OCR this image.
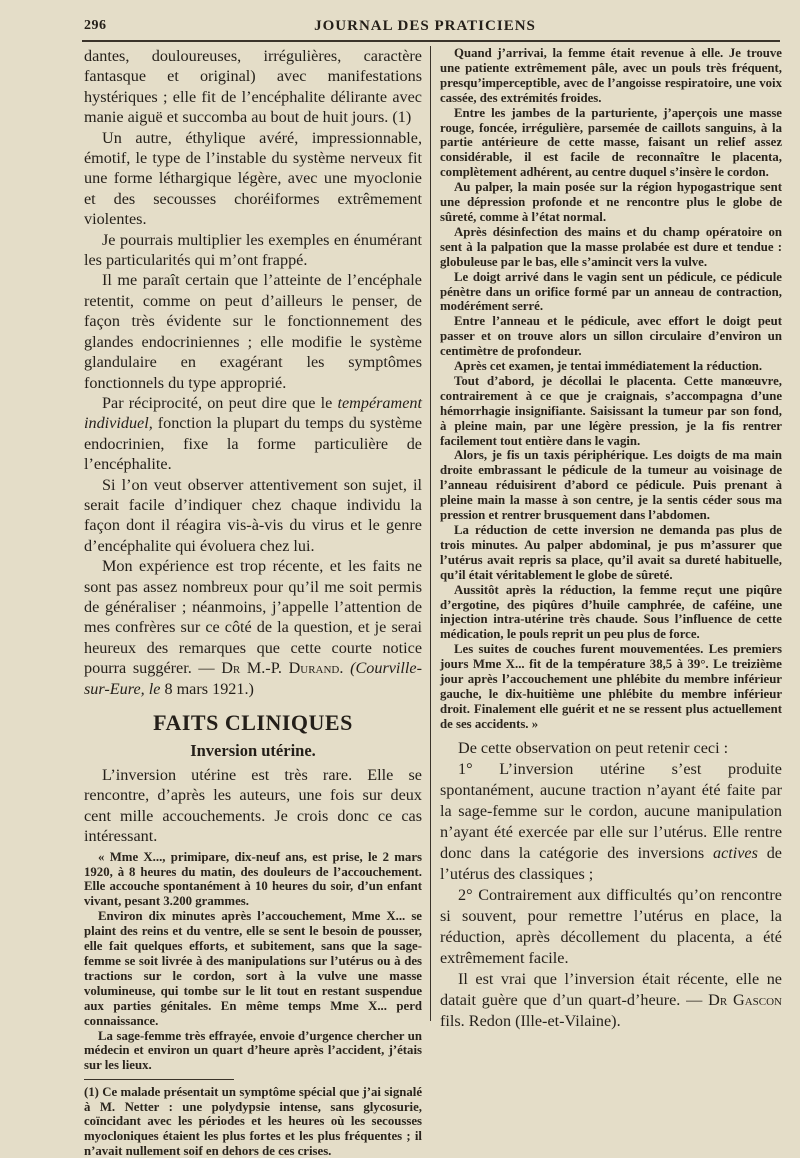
296	JOURNAL DES PRATICIENS

dantes, douloureuses, irrégulières, caractère fantasque et original) avec manifestations hystériques ; elle fit de l’encéphalite délirante avec manie aiguë et succomba au bout de huit jours. (1)

Un autre, éthylique avéré, impressionnable, émotif, le type de l’instable du système nerveux fit une forme léthargique légère, avec une myoclonie et des secousses choréiformes extrêmement violentes.

Je pourrais multiplier les exemples en énumérant les particularités qui m’ont frappé.

Il me paraît certain que l’atteinte de l’encéphale retentit, comme on peut d’ailleurs le penser, de façon très évidente sur le fonctionnement des glandes endocriniennes ; elle modifie le système glandulaire en exagérant les symptômes fonctionnels du type approprié.

Par réciprocité, on peut dire que le tempérament individuel, fonction la plupart du temps du système endocrinien, fixe la forme particulière de l’encéphalite.

Si l’on veut observer attentivement son sujet, il serait facile d’indiquer chez chaque individu la façon dont il réagira vis-à-vis du virus et le genre d’encéphalite qui évoluera chez lui.

Mon expérience est trop récente, et les faits ne sont pas assez nombreux pour qu’il me soit permis de généraliser ; néanmoins, j’appelle l’attention de mes confrères sur ce côté de la question, et je serai heureux des remarques que cette courte notice pourra suggérer. — Dr M.-P. Durand. (Courville-sur-Eure, le 8 mars 1921.)

FAITS CLINIQUES
Inversion utérine.

L’inversion utérine est très rare. Elle se rencontre, d’après les auteurs, une fois sur deux cent mille accouchements. Je crois donc ce cas intéressant.

« Mme X..., primipare, dix-neuf ans, est prise, le 2 mars 1920, à 8 heures du matin, des douleurs de l’accouchement. Elle accouche spontanément à 10 heures du soir, d’un enfant vivant, pesant 3.200 grammes.

Environ dix minutes après l’accouchement, Mme X... se plaint des reins et du ventre, elle se sent le besoin de pousser, elle fait quelques efforts, et subitement, sans que la sage-femme se soit livrée à des manipulations sur l’utérus ou à des tractions sur le cordon, sort à la vulve une masse volumineuse, qui tombe sur le lit tout en restant suspendue aux parties génitales. En même temps Mme X... perd connaissance.

La sage-femme très effrayée, envoie d’urgence chercher un médecin et environ un quart d’heure après l’accident, j’étais sur les lieux.

(1) Ce malade présentait un symptôme spécial que j’ai signalé à M. Netter : une polydypsie intense, sans glycosurie, coïncidant avec les périodes et les heures où les secousses myocloniques étaient les plus fortes et les plus fréquentes ; il n’avait nullement soif en dehors de ces crises.

Quand j’arrivai, la femme était revenue à elle. Je trouve une patiente extrêmement pâle, avec un pouls très fréquent, presqu’imperceptible, avec de l’angoisse respiratoire, une voix cassée, des extrémités froides.

Entre les jambes de la parturiente, j’aperçois une masse rouge, foncée, irrégulière, parsemée de caillots sanguins, à la partie antérieure de cette masse, faisant un relief assez considérable, il est facile de reconnaître le placenta, complètement adhérent, au centre duquel s’insère le cordon.

Au palper, la main posée sur la région hypogastrique sent une dépression profonde et ne rencontre plus le globe de sûreté, comme à l’état normal.

Après désinfection des mains et du champ opératoire on sent à la palpation que la masse prolabée est dure et tendue : globuleuse par le bas, elle s’amincit vers la vulve.

Le doigt arrivé dans le vagin sent un pédicule, ce pédicule pénètre dans un orifice formé par un anneau de contraction, modérément serré.

Entre l’anneau et le pédicule, avec effort le doigt peut passer et on trouve alors un sillon circulaire d’environ un centimètre de profondeur.

Après cet examen, je tentai immédiatement la réduction.

Tout d’abord, je décollai le placenta. Cette manœuvre, contrairement à ce que je craignais, s’accompagna d’une hémorrhagie insignifiante. Saisissant la tumeur par son fond, à pleine main, par une légère pression, je la fis rentrer facilement tout entière dans le vagin.

Alors, je fis un taxis périphérique. Les doigts de ma main droite embrassant le pédicule de la tumeur au voisinage de l’anneau réduisirent d’abord ce pédicule. Puis prenant à pleine main la masse à son centre, je la sentis céder sous ma pression et rentrer brusquement dans l’abdomen.

La réduction de cette inversion ne demanda pas plus de trois minutes. Au palper abdominal, je pus m’assurer que l’utérus avait repris sa place, qu’il avait sa dureté habituelle, qu’il était véritablement le globe de sûreté.

Aussitôt après la réduction, la femme reçut une piqûre d’ergotine, des piqûres d’huile camphrée, de caféine, une injection intra-utérine très chaude. Sous l’influence de cette médication, le pouls reprit un peu plus de force.

Les suites de couches furent mouvementées. Les premiers jours Mme X... fit de la température 38,5 à 39°. Le treizième jour après l’accouchement une phlébite du membre inférieur gauche, le dix-huitième une phlébite du membre inférieur droit. Finalement elle guérit et ne se ressent plus actuellement de ses accidents. »

De cette observation on peut retenir ceci :

1° L’inversion utérine s’est produite spontanément, aucune traction n’ayant été faite par la sage-femme sur le cordon, aucune manipulation n’ayant été exercée par elle sur l’utérus. Elle rentre donc dans la catégorie des inversions actives de l’utérus des classiques ;

2° Contrairement aux difficultés qu’on rencontre si souvent, pour remettre l’utérus en place, la réduction, après décollement du placenta, a été extrêmement facile.

Il est vrai que l’inversion était récente, elle ne datait guère que d’un quart-d’heure. — Dr Gascon fils. Redon (Ille-et-Vilaine).
